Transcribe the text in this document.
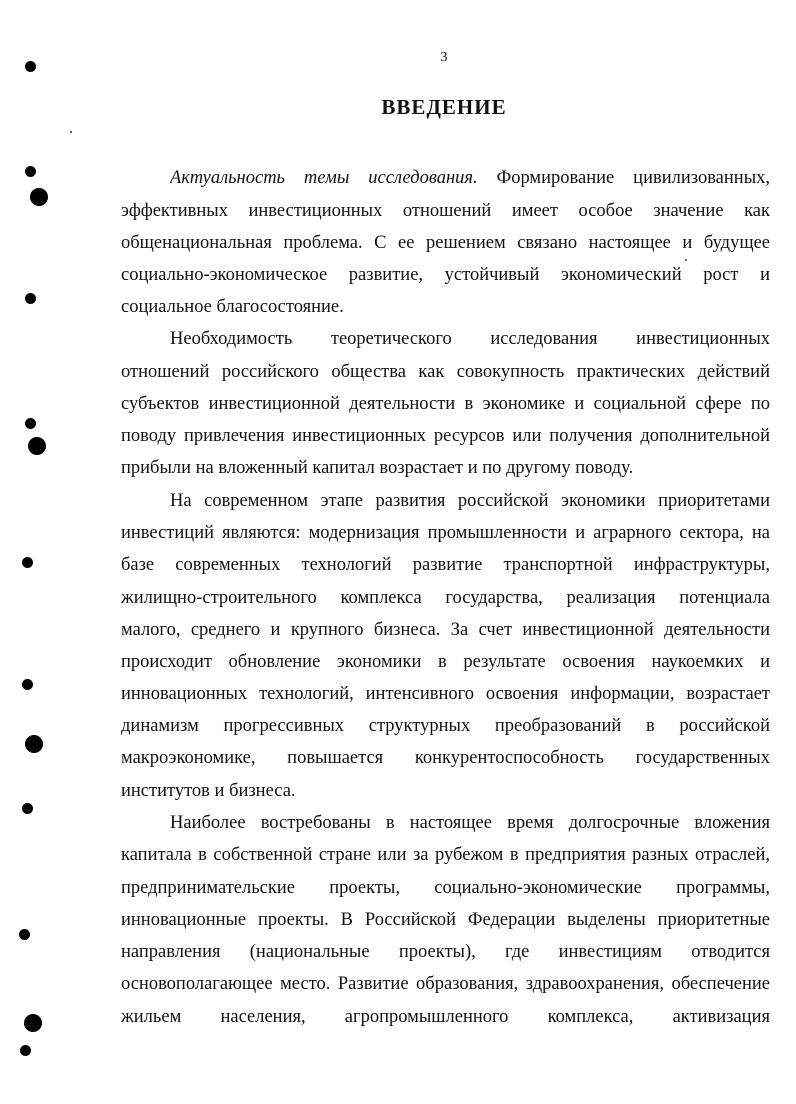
3
ВВЕДЕНИЕ
Актуальность темы исследования. Формирование цивилизованных,
эффективных инвестиционных отношений имеет особое значение как
общенациональная проблема. С ее решением связано настоящее и будущее
социально-экономическое развитие, устойчивый экономический рост и
социальное благосостояние.
Необходимость теоретического исследования инвестиционных
отношений российского общества как совокупность практических действий
субъектов инвестиционной деятельности в экономике и социальной сфере по
поводу привлечения инвестиционных ресурсов или получения дополнительной
прибыли на вложенный капитал возрастает и по другому поводу.
На современном этапе развития российской экономики приоритетами
инвестиций являются: модернизация промышленности и аграрного сектора, на
базе современных технологий развитие транспортной инфраструктуры,
жилищно-строительного комплекса государства, реализация потенциала
малого, среднего и крупного бизнеса. За счет инвестиционной деятельности
происходит обновление экономики в результате освоения наукоемких и
инновационных технологий, интенсивного освоения информации, возрастает
динамизм прогрессивных структурных преобразований в российской
макроэкономике, повышается конкурентоспособность государственных
институтов и бизнеса.
Наиболее востребованы в настоящее время долгосрочные вложения
капитала в собственной стране или за рубежом в предприятия разных отраслей,
предпринимательские проекты, социально-экономические программы,
инновационные проекты. В Российской Федерации выделены приоритетные
направления (национальные проекты), где инвестициям отводится
основополагающее место. Развитие образования, здравоохранения, обеспечение
жильем населения, агропромышленного комплекса, активизация
